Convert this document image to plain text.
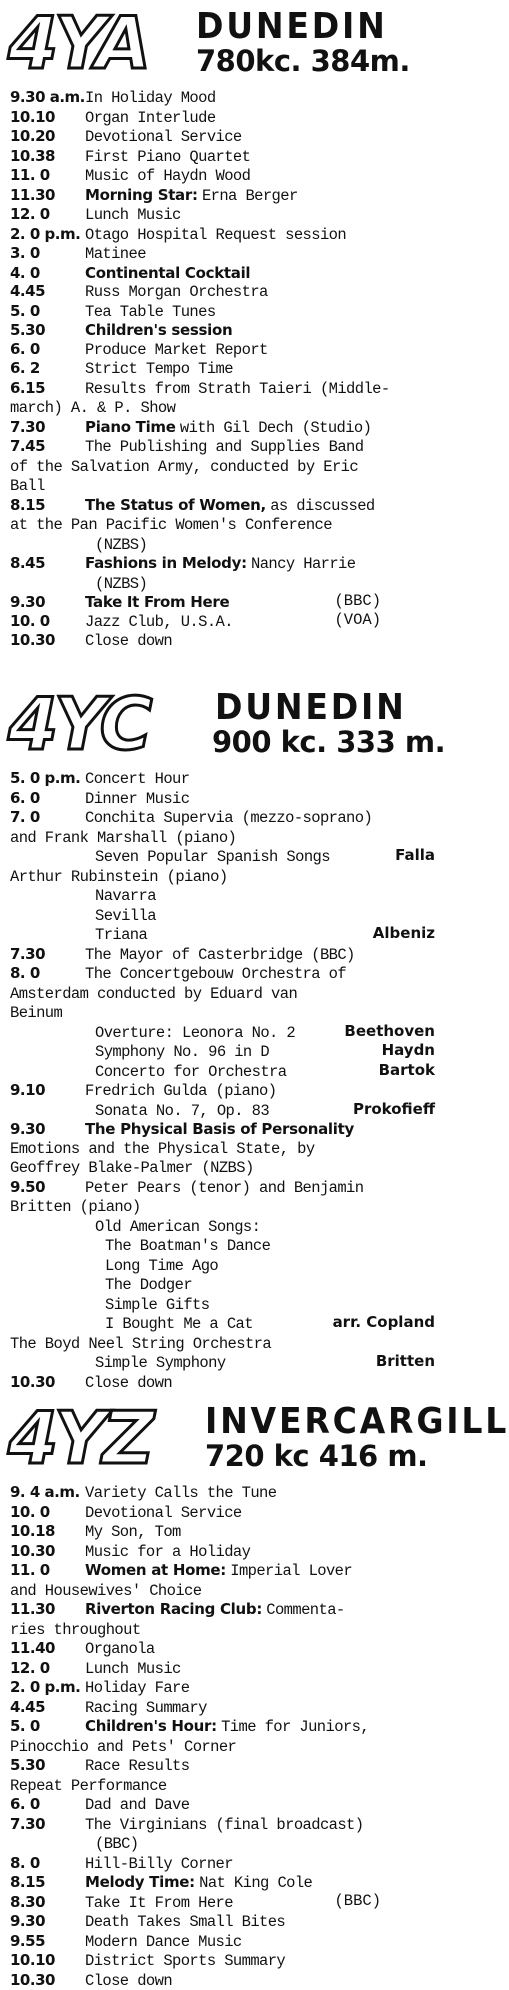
4YA DUNEDIN
780kc. 384m.
9.30 a.m.In Holiday Mood
10.10 Organ Interlude
10.20 Devotional Service
10.38 First Piano Quartet
11. 0 Music of Haydn Wood
11.30 Morning Star: Erna Berger
12. 0 Lunch Music
2. 0 p.m. Otago Hospital Request session
3. 0	Matinee
4. 0	Continental Cocktail
4.45	Russ Morgan Orchestra
5. 0	Tea Table Tunes
5.30	Children's session
6. 0	Produce Market Report
6. 2	Strict Tempo Time
6.15	Results from Strath Taieri (Middle-
march) A. & P. Show
7.30	Piano Time with Gil Dech (Studio)
7.45	The Publishing and Supplies Band
of the Salvation Army, conducted by Eric
Ball
8.15	The Status of Women, as discussed
at the Pan Pacific Women's Conference
(NZBS)
8.45	Fashions in Melody: Nancy Harrie
(NZBS)
9.30	Take It From Here	(BBC)
10. 0 Jazz Club, U.S.A.	(VOA)
10.30 Close down
4YC DUNEDIN
900 kc. 333 m.
5. 0 p.m. Concert Hour
6. 0	Dinner Music
7. 0	Conchita Supervia (mezzo-soprano)
and Frank Marshall (piano)
Seven Popular Spanish Songs	Falla
Arthur Rubinstein (piano)
Navarra
Sevilla
Triana	Albeniz
7.30	The Mayor of Casterbridge (BBC)
8. 0	The Concertgebouw Orchestra of
Amsterdam conducted by Eduard van
Beinum
Overture: Leonora No. 2	Beethoven
Symphony No. 96 in D	Haydn
Concerto for Orchestra	Bartok
9.10	Fredrich Gulda (piano)
Sonata No. 7, Op. 83	Prokofieff
9.30	The Physical Basis of Personality
Emotions and the Physical State, by
Geoffrey Blake-Palmer (NZBS)
9.50	Peter Pears (tenor) and Benjamin
Britten (piano)
Old American Songs:
The Boatman's Dance
Long Time Ago
The Dodger
Simple Gifts
I Bought Me a Cat	arr. Copland
The Boyd Neel String Orchestra
Simple Symphony	Britten
10.30 Close down
4YZ INVERCARGILL
720 kc 416 m.
9. 4 a.m. Variety Calls the Tune
10. 0 Devotional Service
10.18 My Son, Tom
10.30 Music for a Holiday
11. 0 Women at Home: Imperial Lover
and Housewives' Choice
11.30 Riverton Racing Club: Commenta-
ries throughout
11.40 Organola
12. 0 Lunch Music
2. 0 p.m. Holiday Fare
4.45	Racing Summary
5. 0	Children's Hour: Time for Juniors,
Pinocchio and Pets' Corner
5.30	Race Results
Repeat Performance
6. 0	Dad and Dave
7.30	The Virginians (final broadcast)
(BBC)
8. 0	Hill-Billy Corner
8.15	Melody Time: Nat King Cole
8.30	Take It From Here	(BBC)
9.30	Death Takes Small Bites
9.55	Modern Dance Music
10.10 District Sports Summary
10.30 Close down
